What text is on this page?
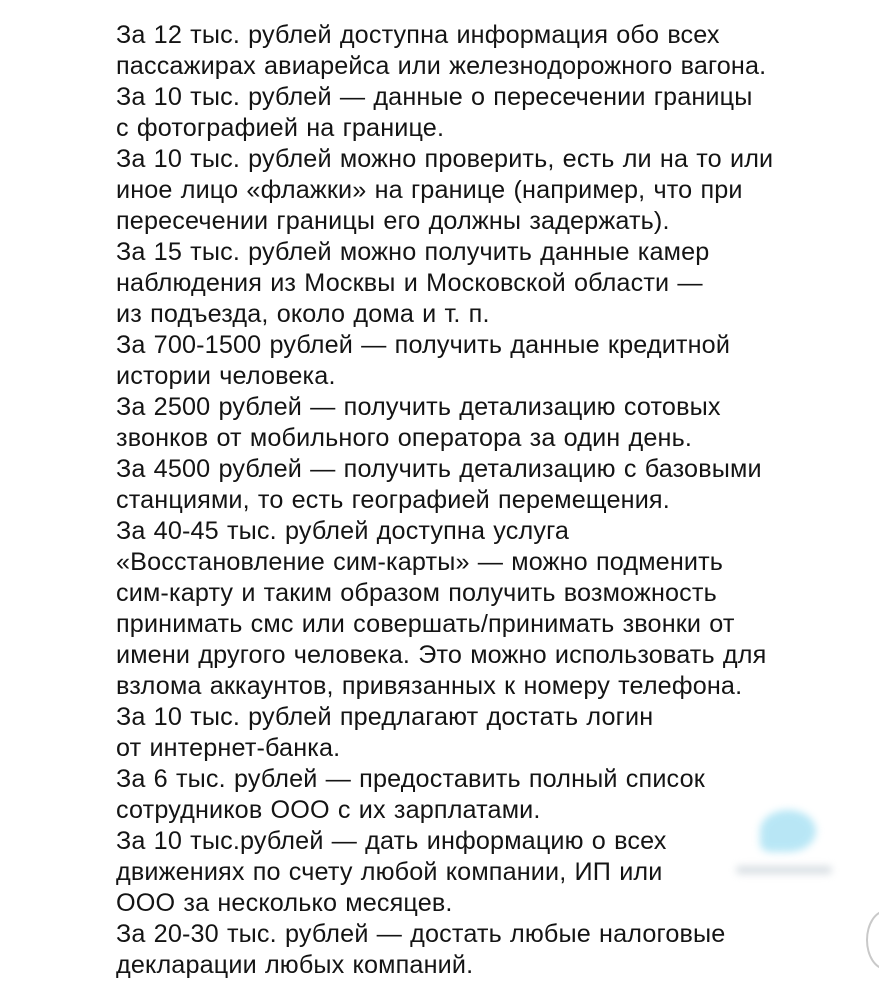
За 12 тыс. рублей доступна информация обо всех
пассажирах авиарейса или железнодорожного вагона.

За 10 тыс. рублей — данные о пересечении границы
с фотографией на границе.

За 10 тыс. рублей можно проверить, есть ли на то или
иное лицо «флажки» на границе (например, что при
пересечении границы его должны задержать).

За 15 тыс. рублей можно получить данные камер
наблюдения из Москвы и Московской области —
из подъезда, около дома и т. п.

За 700-1500 рублей — получить данные кредитной
истории человека.

За 2500 рублей — получить детализацию сотовых
звонков от мобильного оператора за один день.

За 4500 рублей — получить детализацию с базовыми
станциями, то есть географией перемещения.

За 40-45 тыс. рублей доступна услуга
«Восстановление сим-карты» — можно подменить
сим-карту и таким образом получить возможность
принимать смс или совершать/принимать звонки от
имени другого человека. Это можно использовать для
взлома аккаунтов, привязанных к номеру телефона.

За 10 тыс. рублей предлагают достать логин
от интернет-банка.

За 6 тыс. рублей — предоставить полный список
сотрудников ООО с их зарплатами.

За 10 тыс.рублей — дать информацию о всех
движениях по счету любой компании, ИП или
ООО за несколько месяцев.

За 20-30 тыс. рублей — достать любые налоговые
декларации любых компаний.
